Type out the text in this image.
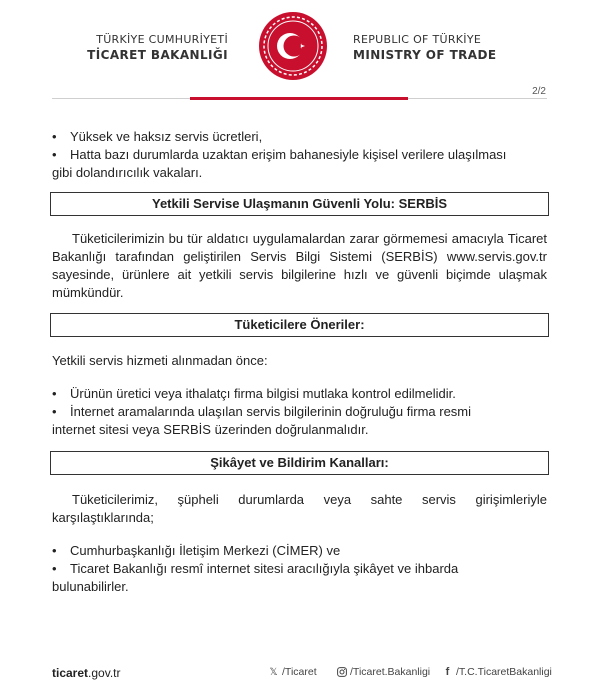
TÜRKİYE CUMHURİYETİ
TİCARET BAKANLIĞI
REPUBLIC OF TÜRKİYE
MINISTRY OF TRADE
2/2
•	Yüksek ve haksız servis ücretleri,
•	Hatta bazı durumlarda uzaktan erişim bahanesiyle kişisel verilere ulaşılması
gibi dolandırıcılık vakaları.
Yetkili Servise Ulaşmanın Güvenli Yolu: SERBİS
Tüketicilerimizin bu tür aldatıcı uygulamalardan zarar görmemesi amacıyla Ticaret Bakanlığı tarafından geliştirilen Servis Bilgi Sistemi (SERBİS) www.servis.gov.tr sayesinde, ürünlere ait yetkili servis bilgilerine hızlı ve güvenli biçimde ulaşmak mümkündür.
Tüketicilere Öneriler:
Yetkili servis hizmeti alınmadan önce:
•	Ürünün üretici veya ithalatçı firma bilgisi mutlaka kontrol edilmelidir.
•	İnternet aramalarında ulaşılan servis bilgilerinin doğruluğu firma resmi
internet sitesi veya SERBİS üzerinden doğrulanmalıdır.
Şikâyet ve Bildirim Kanalları:
Tüketicilerimiz, şüpheli durumlarda veya sahte servis girişimleriyle karşılaştıklarında;
•	Cumhurbaşkanlığı İletişim Merkezi (CİMER) ve
•	Ticaret Bakanlığı resmî internet sitesi aracılığıyla şikâyet ve ihbarda
bulunabilirler.
ticaret.gov.tr	𝕏 /Ticaret	/Ticaret.Bakanligi	f /T.C.TicaretBakanligi
